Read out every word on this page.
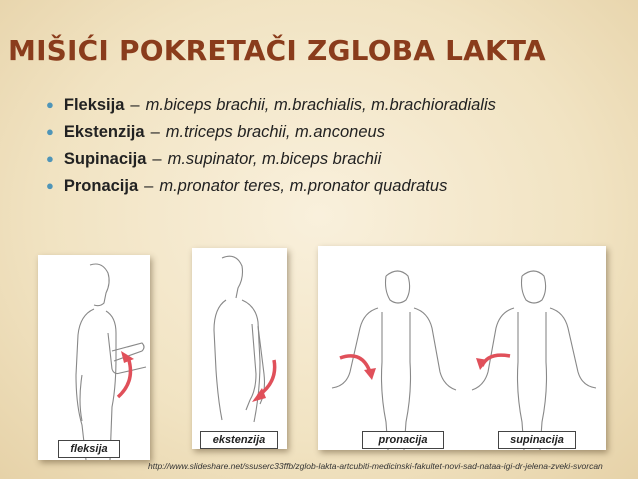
MIŠIĆI POKRETAČI ZGLOBA LAKTA
● Fleksija – m.biceps brachii, m.brachialis, m.brachioradialis
● Ekstenzija – m.triceps brachii, m.anconeus
● Supinacija – m.supinator, m.biceps brachii
● Pronacija – m.pronator teres, m.pronator quadratus
fleksija
ekstenzija	pronacija	supinacija
http://www.slideshare.net/ssuserc33ffb/zglob-lakta-artcubiti-medicinski-fakultet-novi-sad-nataa-igi-dr-jelena-zveki-svorcan
